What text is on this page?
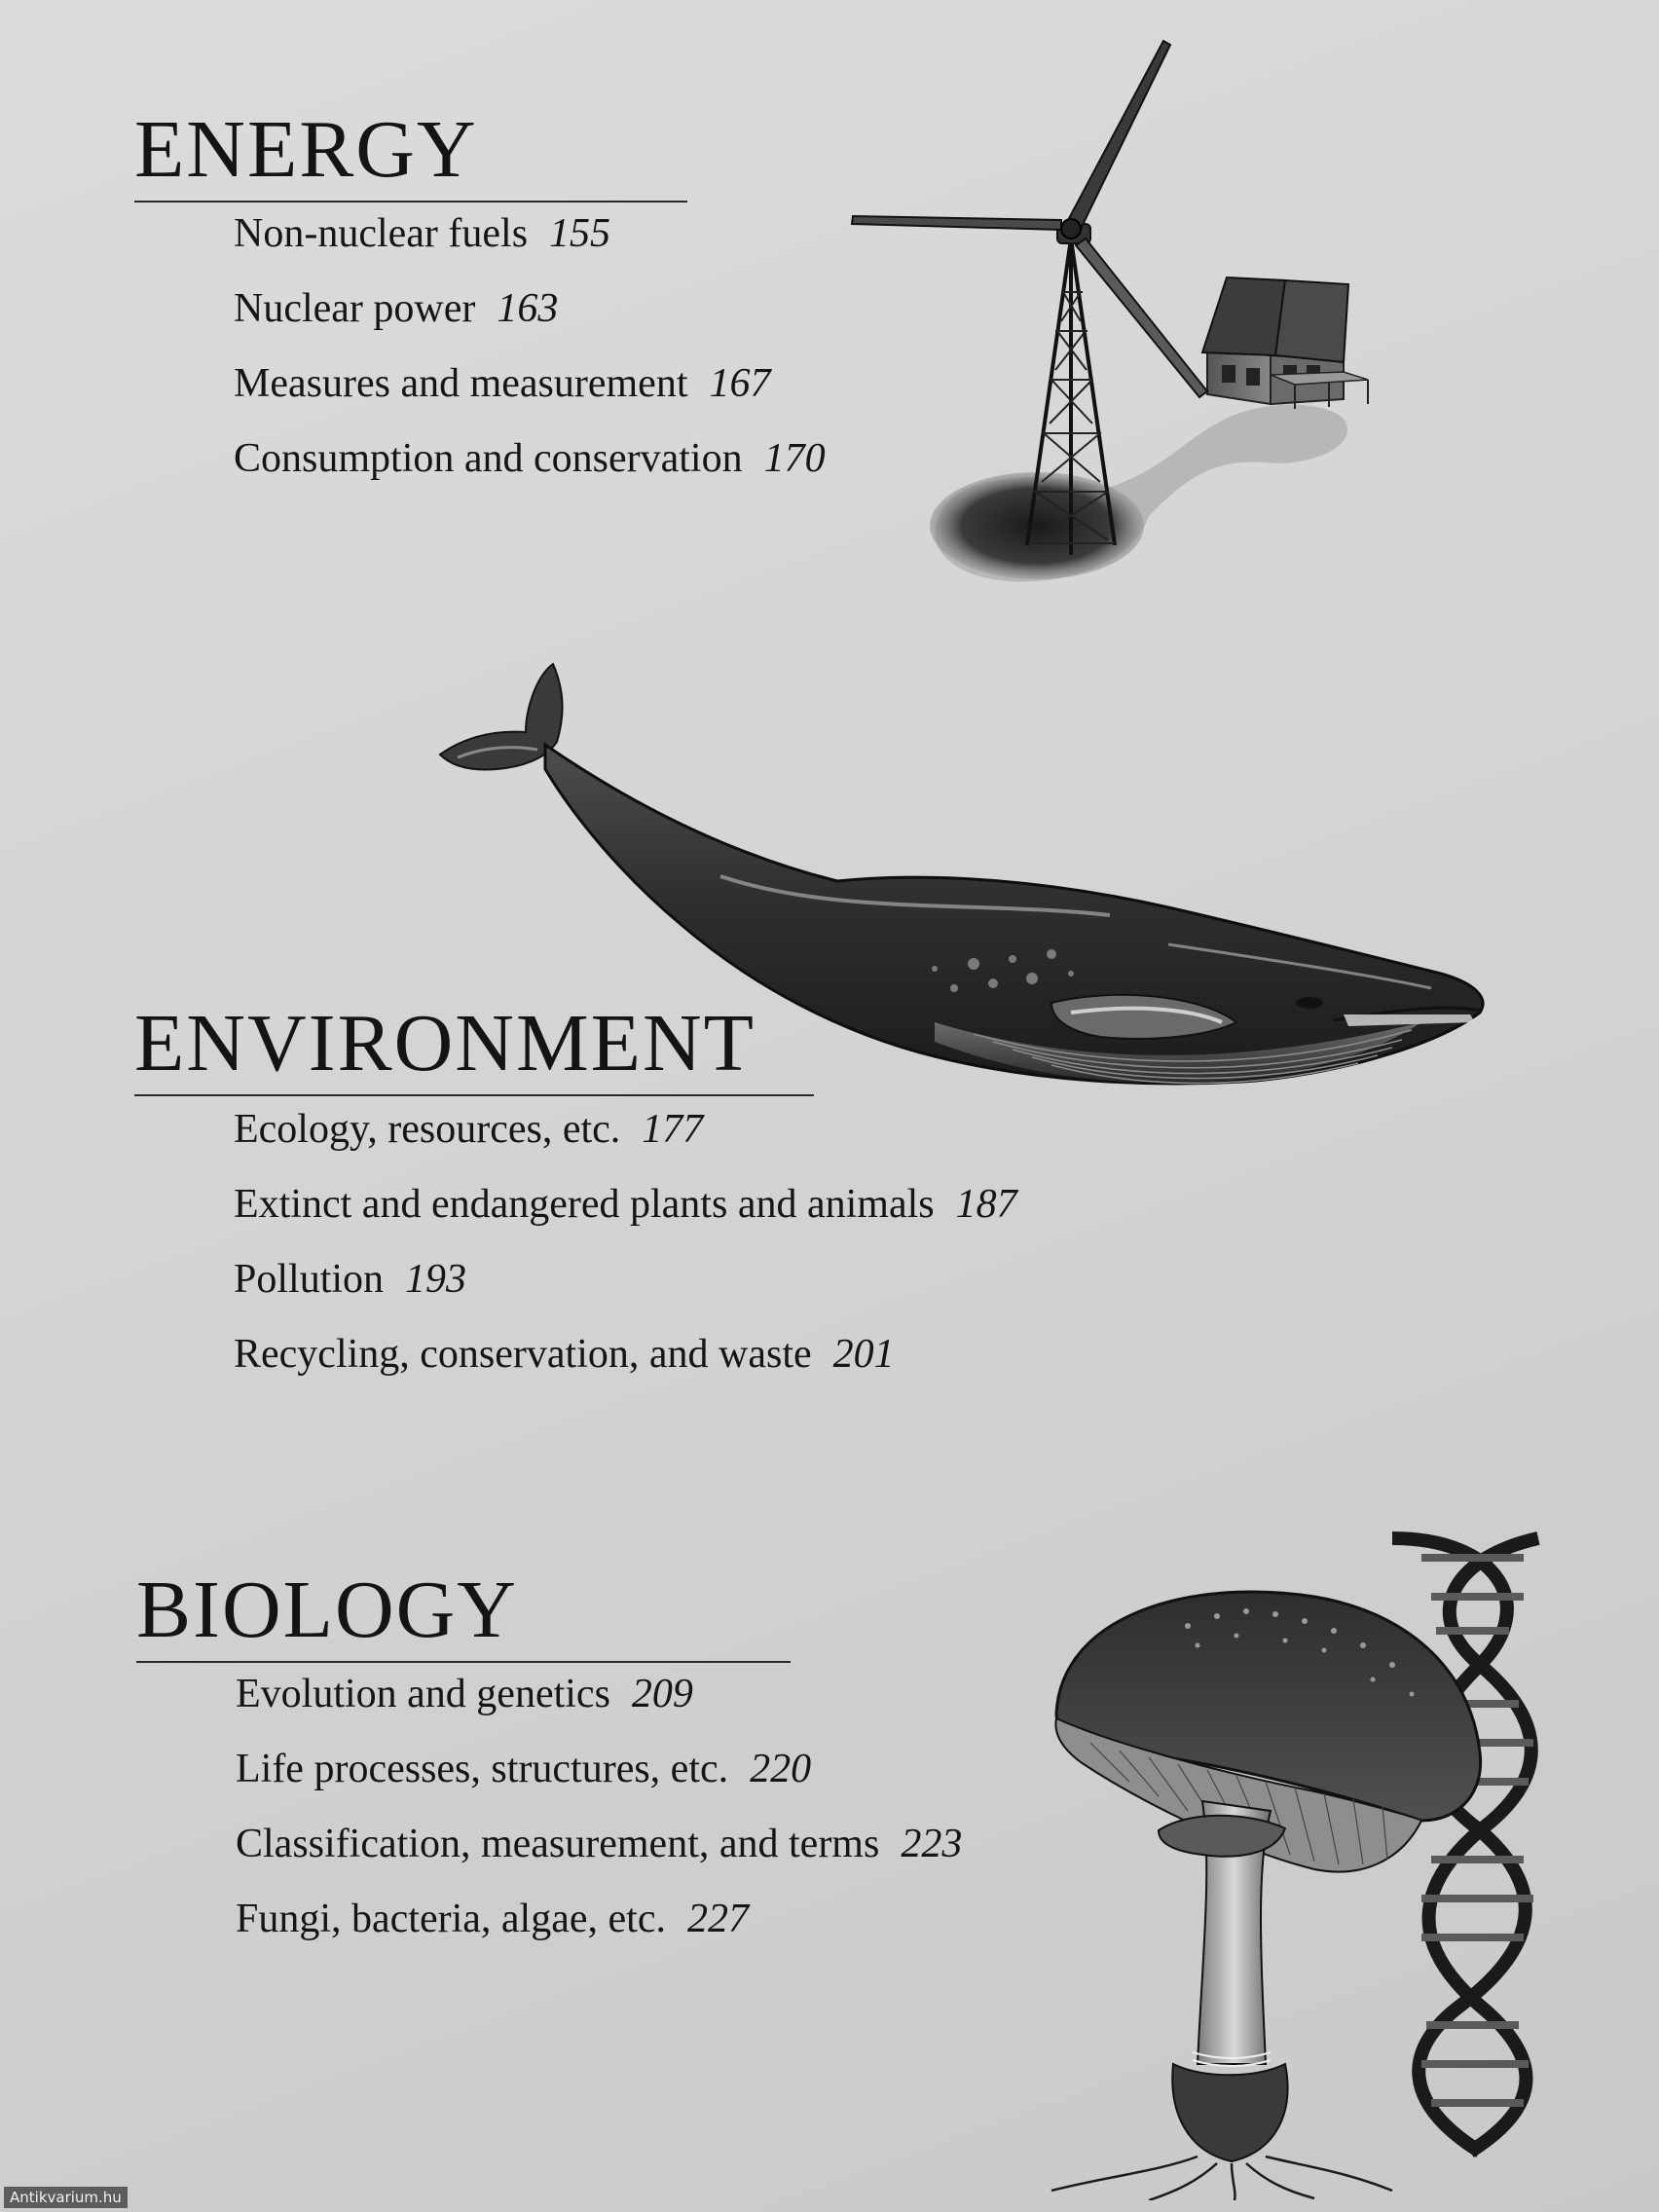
ENERGY
Non-nuclear fuels 155
Nuclear power 163
Measures and measurement 167
Consumption and conservation 170
ENVIRONMENT
Ecology, resources, etc. 177
Extinct and endangered plants and animals 187
Pollution 193
Recycling, conservation, and waste 201
BIOLOGY
Evolution and genetics 209
Life processes, structures, etc. 220
Classification, measurement, and terms 223
Fungi, bacteria, algae, etc. 227
Antikvarium.hu
